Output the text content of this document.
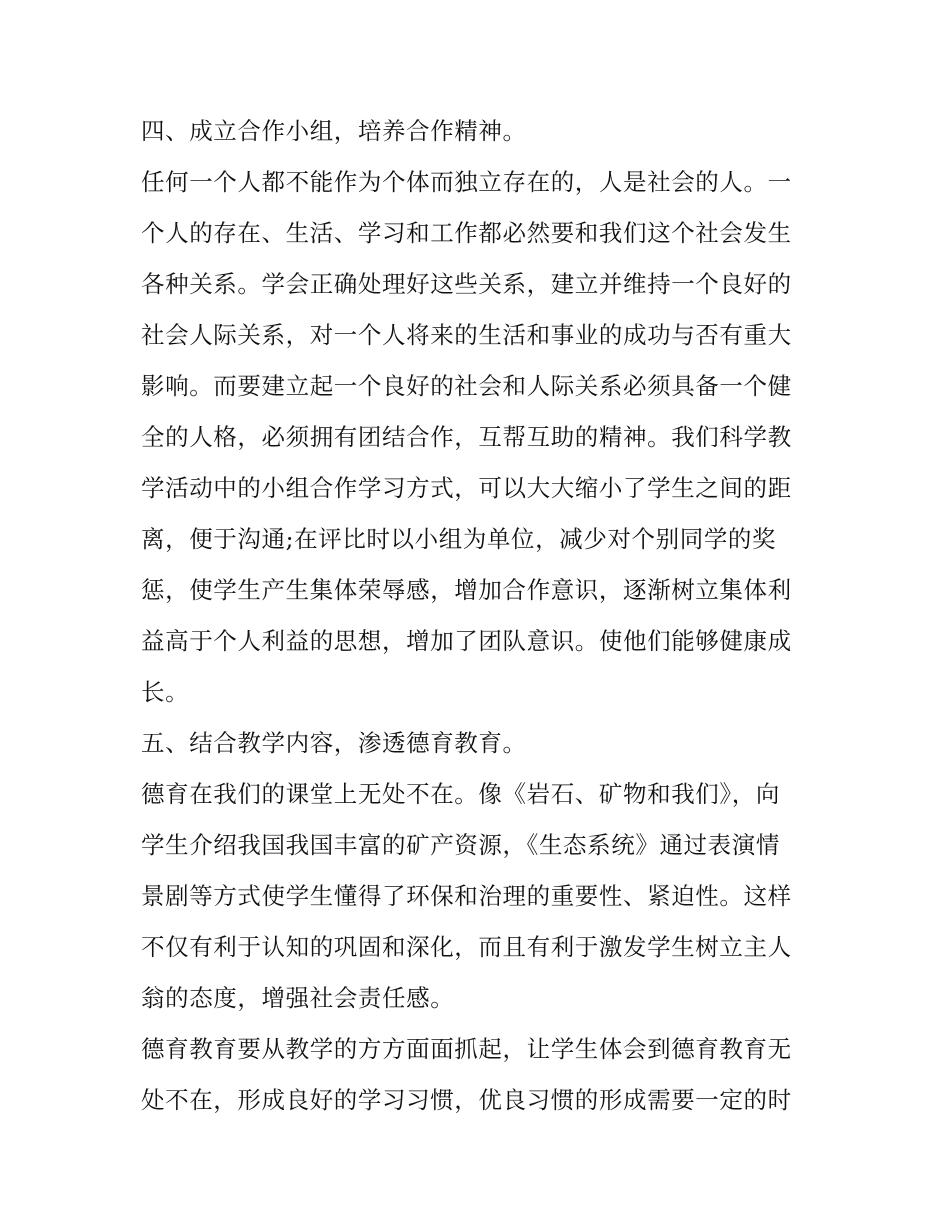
四、成立合作小组，培养合作精神。
任何一个人都不能作为个体而独立存在的，人是社会的人。一
个人的存在、生活、学习和工作都必然要和我们这个社会发生
各种关系。学会正确处理好这些关系，建立并维持一个良好的
社会人际关系，对一个人将来的生活和事业的成功与否有重大
影响。而要建立起一个良好的社会和人际关系必须具备一个健
全的人格，必须拥有团结合作，互帮互助的精神。我们科学教
学活动中的小组合作学习方式，可以大大缩小了学生之间的距
离，便于沟通;在评比时以小组为单位，减少对个别同学的奖
惩，使学生产生集体荣辱感，增加合作意识，逐渐树立集体利
益高于个人利益的思想，增加了团队意识。使他们能够健康成
长。
五、结合教学内容，渗透德育教育。
德育在我们的课堂上无处不在。像《岩石、矿物和我们》，向
学生介绍我国我国丰富的矿产资源，《生态系统》通过表演情
景剧等方式使学生懂得了环保和治理的重要性、紧迫性。这样
不仅有利于认知的巩固和深化，而且有利于激发学生树立主人
翁的态度，增强社会责任感。
德育教育要从教学的方方面面抓起，让学生体会到德育教育无
处不在，形成良好的学习习惯，优良习惯的形成需要一定的时
